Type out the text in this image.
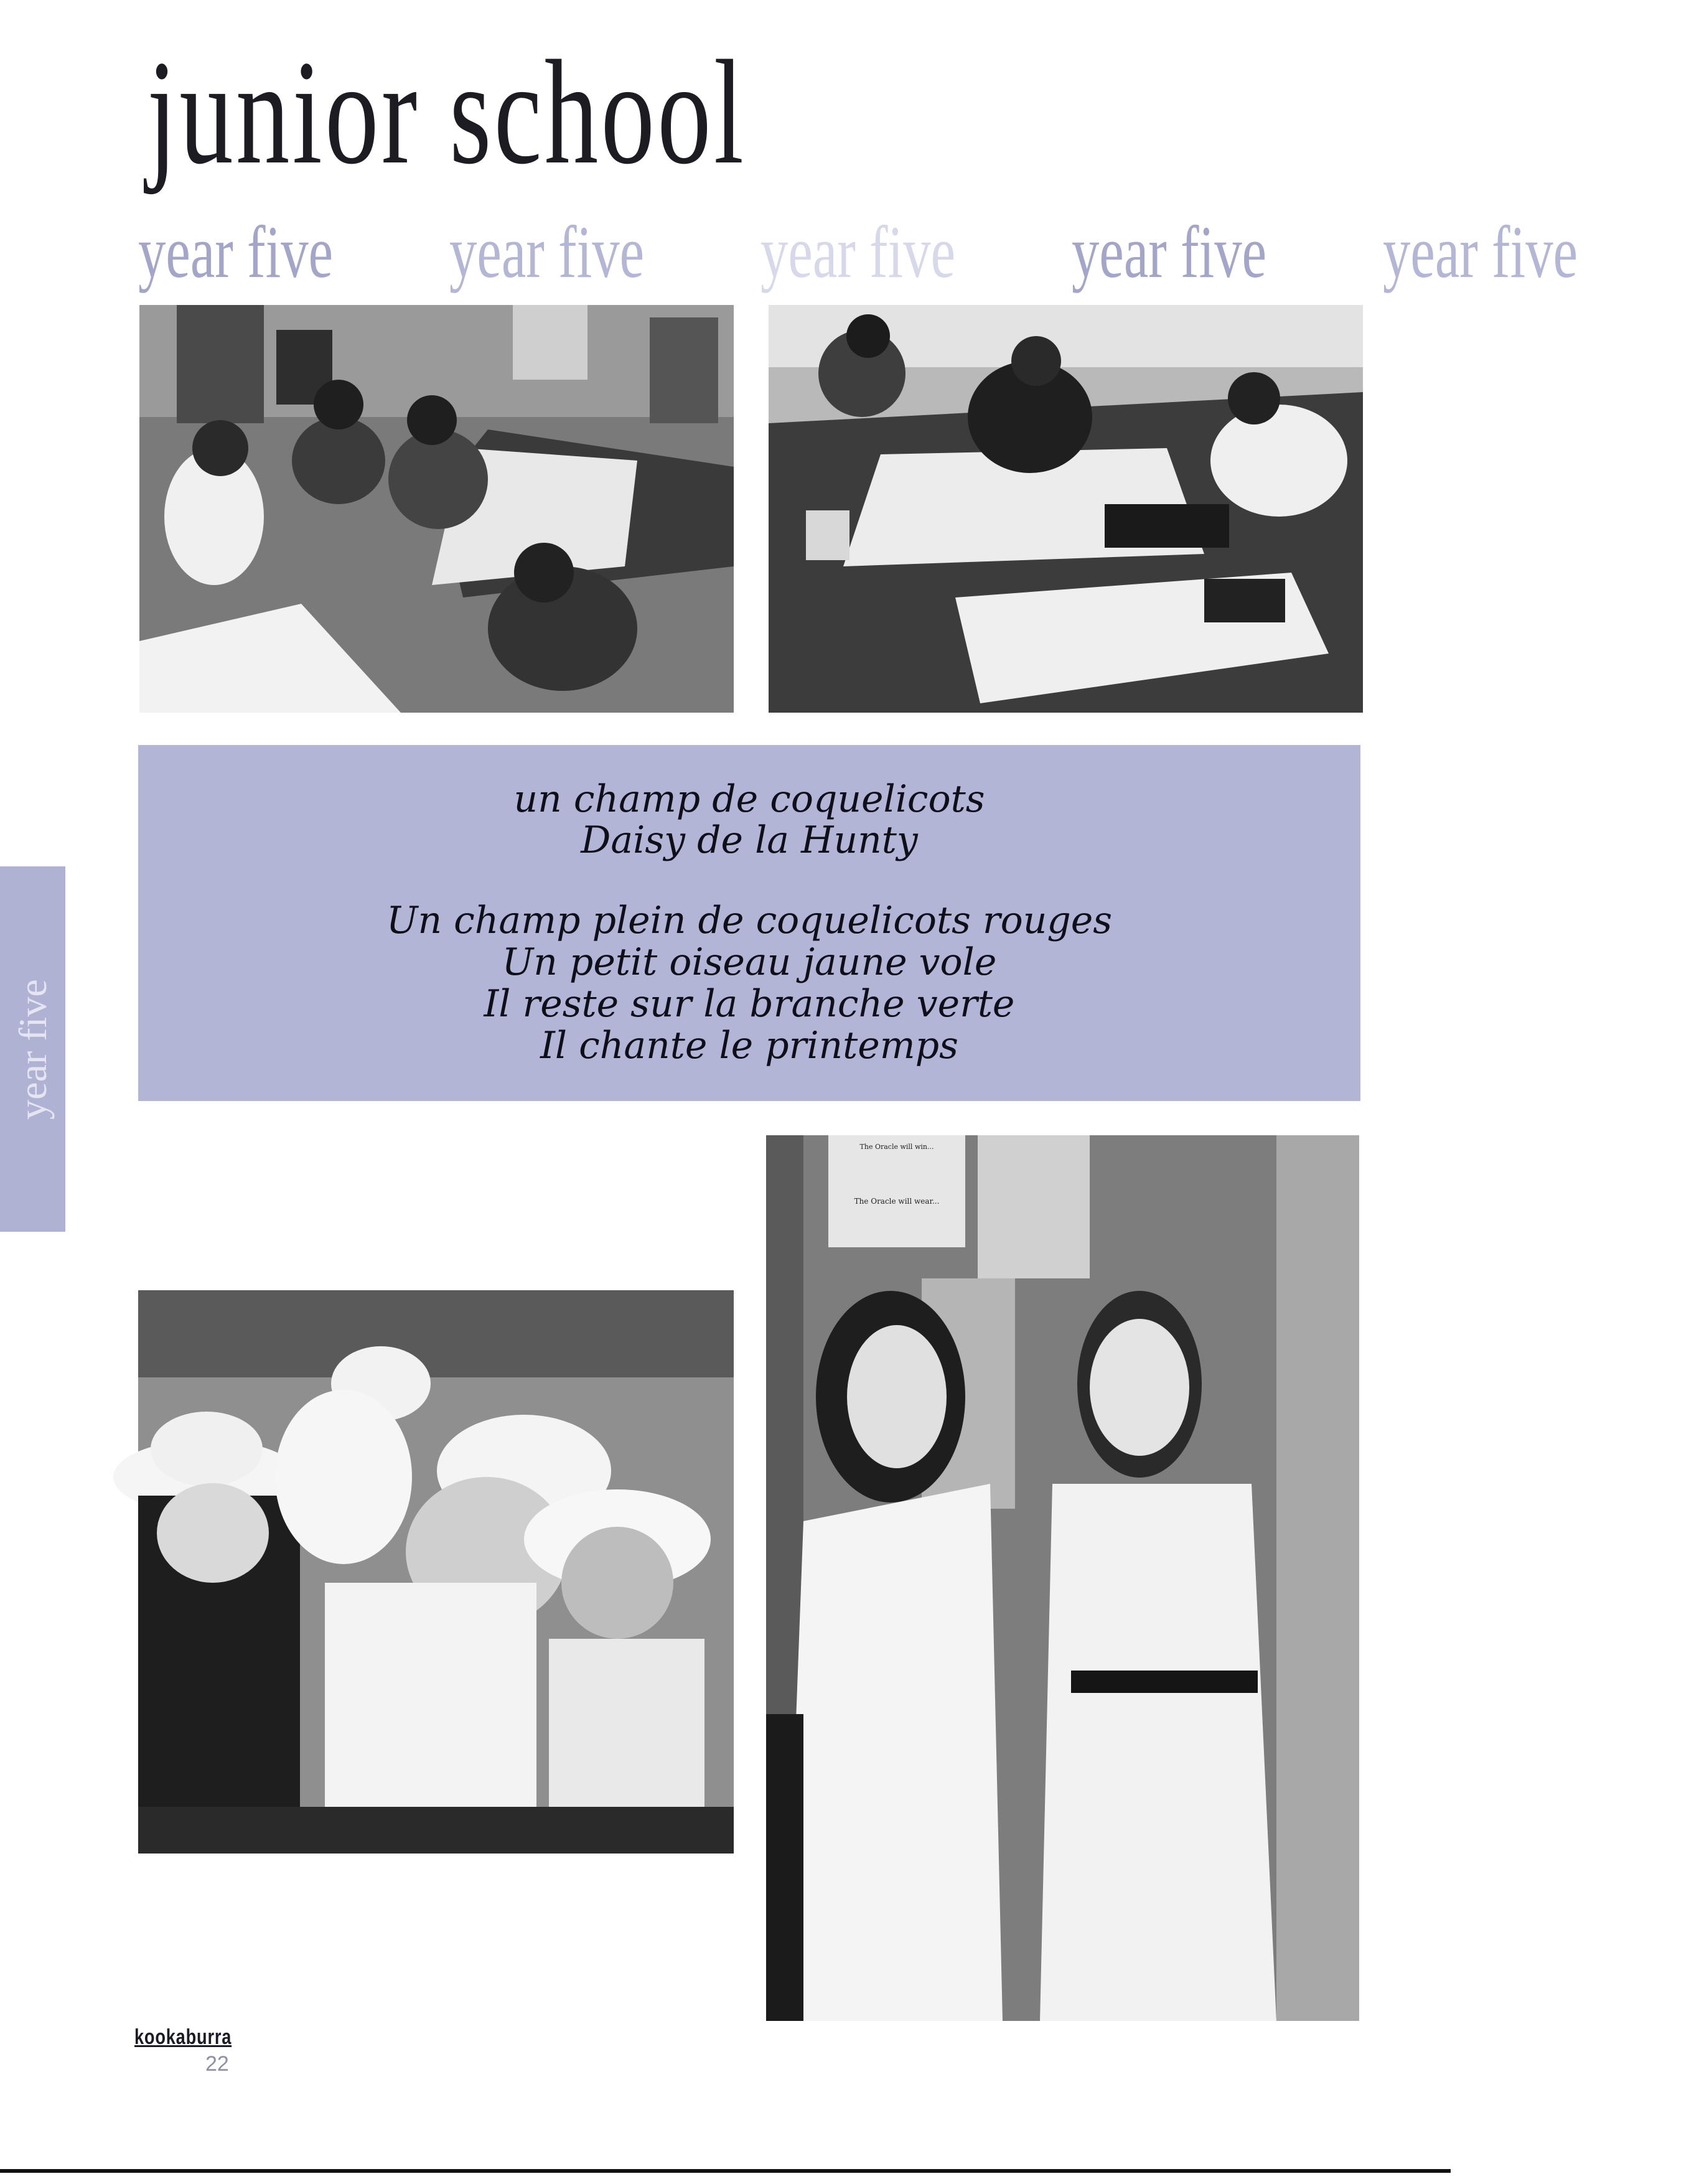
junior school
year five year five year five year five year five
un champ de coquelicots
Daisy de la Hunty
Un champ plein de coquelicots rouges
Un petit oiseau jaune vole
Il reste sur la branche verte
Il chante le printemps
year five
The Oracle will win...
The Oracle will wear...
kookaburra
22
